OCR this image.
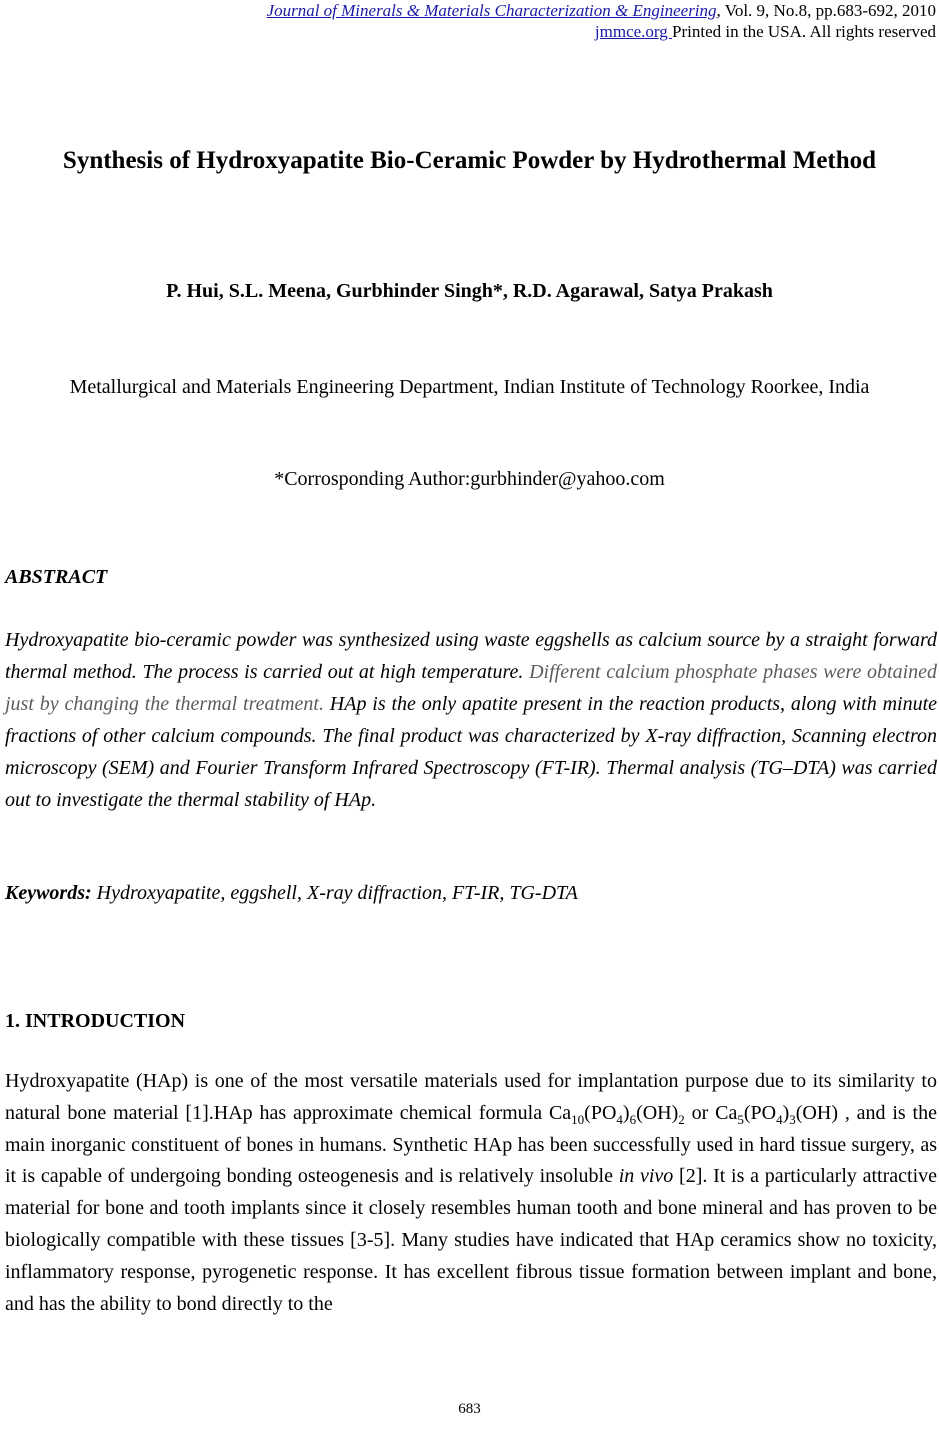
Journal of Minerals & Materials Characterization & Engineering, Vol. 9, No.8, pp.683-692, 2010
jmmce.org Printed in the USA. All rights reserved
Synthesis of Hydroxyapatite Bio-Ceramic Powder by Hydrothermal Method

P. Hui, S.L. Meena, Gurbhinder Singh*, R.D. Agarawal, Satya Prakash

Metallurgical and Materials Engineering Department, Indian Institute of Technology Roorkee, India
*Corrosponding Author:gurbhinder@yahoo.com
ABSTRACT

Hydroxyapatite bio-ceramic powder was synthesized using waste eggshells as calcium source by a straight forward thermal method. The process is carried out at high temperature. Different calcium phosphate phases were obtained just by changing the thermal treatment. HAp is the only apatite present in the reaction products, along with minute fractions of other calcium compounds. The final product was characterized by X-ray diffraction, Scanning electron microscopy (SEM) and Fourier Transform Infrared Spectroscopy (FT-IR). Thermal analysis (TG–DTA) was carried out to investigate the thermal stability of HAp.

Keywords: Hydroxyapatite, eggshell, X-ray diffraction, FT-IR, TG-DTA

1. INTRODUCTION

Hydroxyapatite (HAp) is one of the most versatile materials used for implantation purpose due to its similarity to natural bone material [1].HAp has approximate chemical formula $Ca_{10}(PO_4)_6(OH)_2$ or $Ca_5(PO_4)_3(OH)$ , and is the main inorganic constituent of bones in humans. Synthetic HAp has been successfully used in hard tissue surgery, as it is capable of undergoing bonding osteogenesis and is relatively insoluble in vivo [2]. It is a particularly attractive material for bone and tooth implants since it closely resembles human tooth and bone mineral and has proven to be biologically compatible with these tissues [3-5]. Many studies have indicated that HAp ceramics show no toxicity, inflammatory response, pyrogenetic response. It has excellent fibrous tissue formation between implant and bone, and has the ability to bond directly to the

683
